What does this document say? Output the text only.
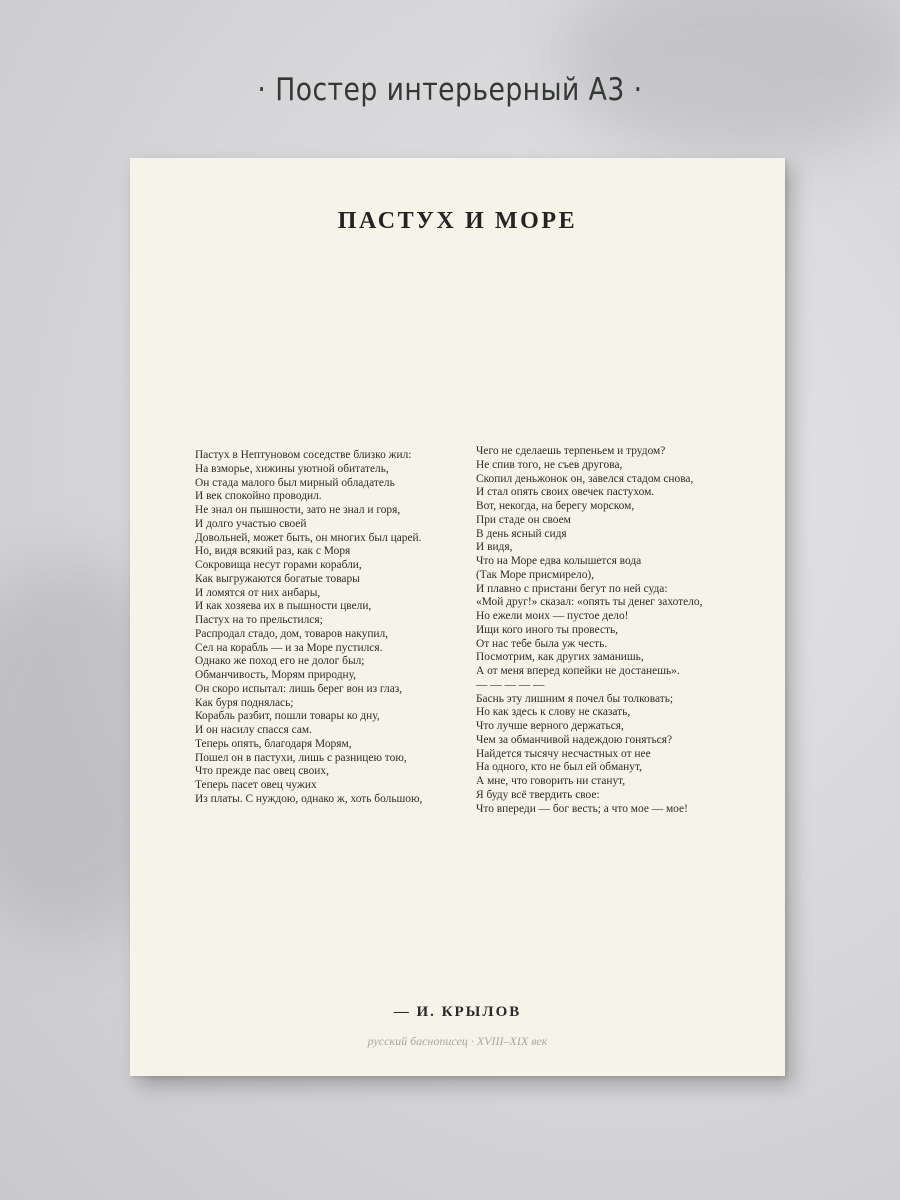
· Постер интерьерный А3 ·
ПАСТУХ И МОРЕ
Пастух в Нептуновом соседстве близко жил:
На взморье, хижины уютной обитатель,
Он стада малого был мирный обладатель
И век спокойно проводил.
Не знал он пышности, зато не знал и горя,
И долго участью своей
Довольней, может быть, он многих был царей.
Но, видя всякий раз, как с Моря
Сокровища несут горами корабли,
Как выгружаются богатые товары
И ломятся от них анбары,
И как хозяева их в пышности цвели,
Пастух на то прельстился;
Распродал стадо, дом, товаров накупил,
Сел на корабль — и за Море пустился.
Однако же поход его не долог был;
Обманчивость, Морям природну,
Он скоро испытал: лишь берег вон из глаз,
Как буря поднялась;
Корабль разбит, пошли товары ко дну,
И он насилу спасся сам.
Теперь опять, благодаря Морям,
Пошел он в пастухи, лишь с разницею тою,
Что прежде пас овец своих,
Теперь пасет овец чужих
Из платы. С нуждою, однако ж, хоть большою,
Чего не сделаешь терпеньем и трудом?
Не спив того, не съев другова,
Скопил деньжонок он, завелся стадом снова,
И стал опять своих овечек пастухом.
Вот, некогда, на берегу морском,
При стаде он своем
В день ясный сидя
И видя,
Что на Море едва колышется вода
(Так Море присмирело),
И плавно с пристани бегут по ней суда:
«Мой друг!» сказал: «опять ты денег захотело,
Но ежели моих — пустое дело!
Ищи кого иного ты провесть,
От нас тебе была уж честь.
Посмотрим, как других заманишь,
А от меня вперед копейки не достанешь».
— — — — —
Баснь эту лишним я почел бы толковать;
Но как здесь к слову не сказать,
Что лучше верного держаться,
Чем за обманчивой надеждою гоняться?
Найдется тысячу несчастных от нее
На одного, кто не был ей обманут,
А мне, что говорить ни станут,
Я буду всё твердить свое:
Что впереди — бог весть; а что мое — мое!
— И. КРЫЛОВ
русский баснописец · XVIII–XIX век
